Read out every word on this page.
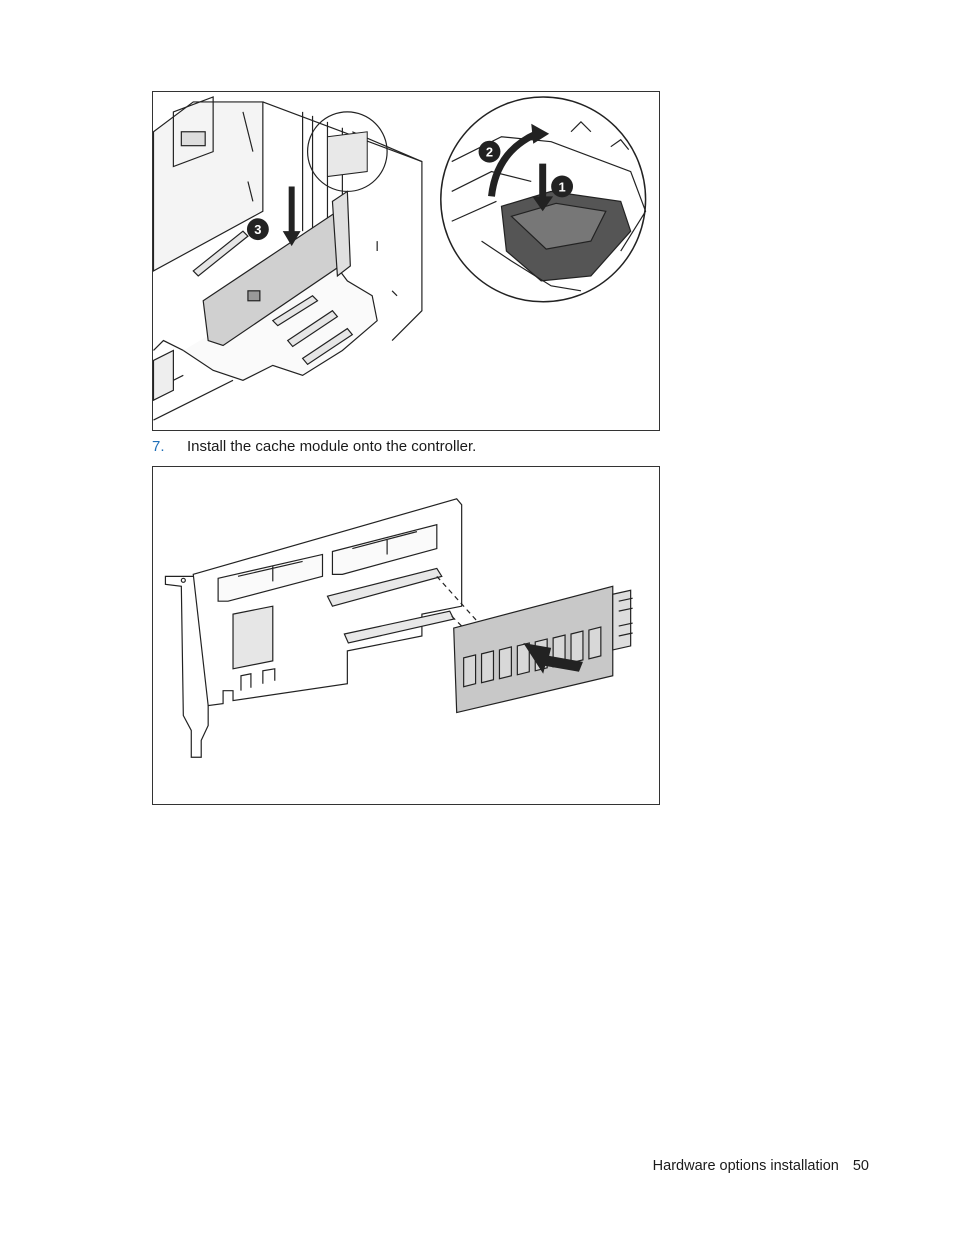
3
1
2
7. Install the cache module onto the controller.
Hardware options installation 50
